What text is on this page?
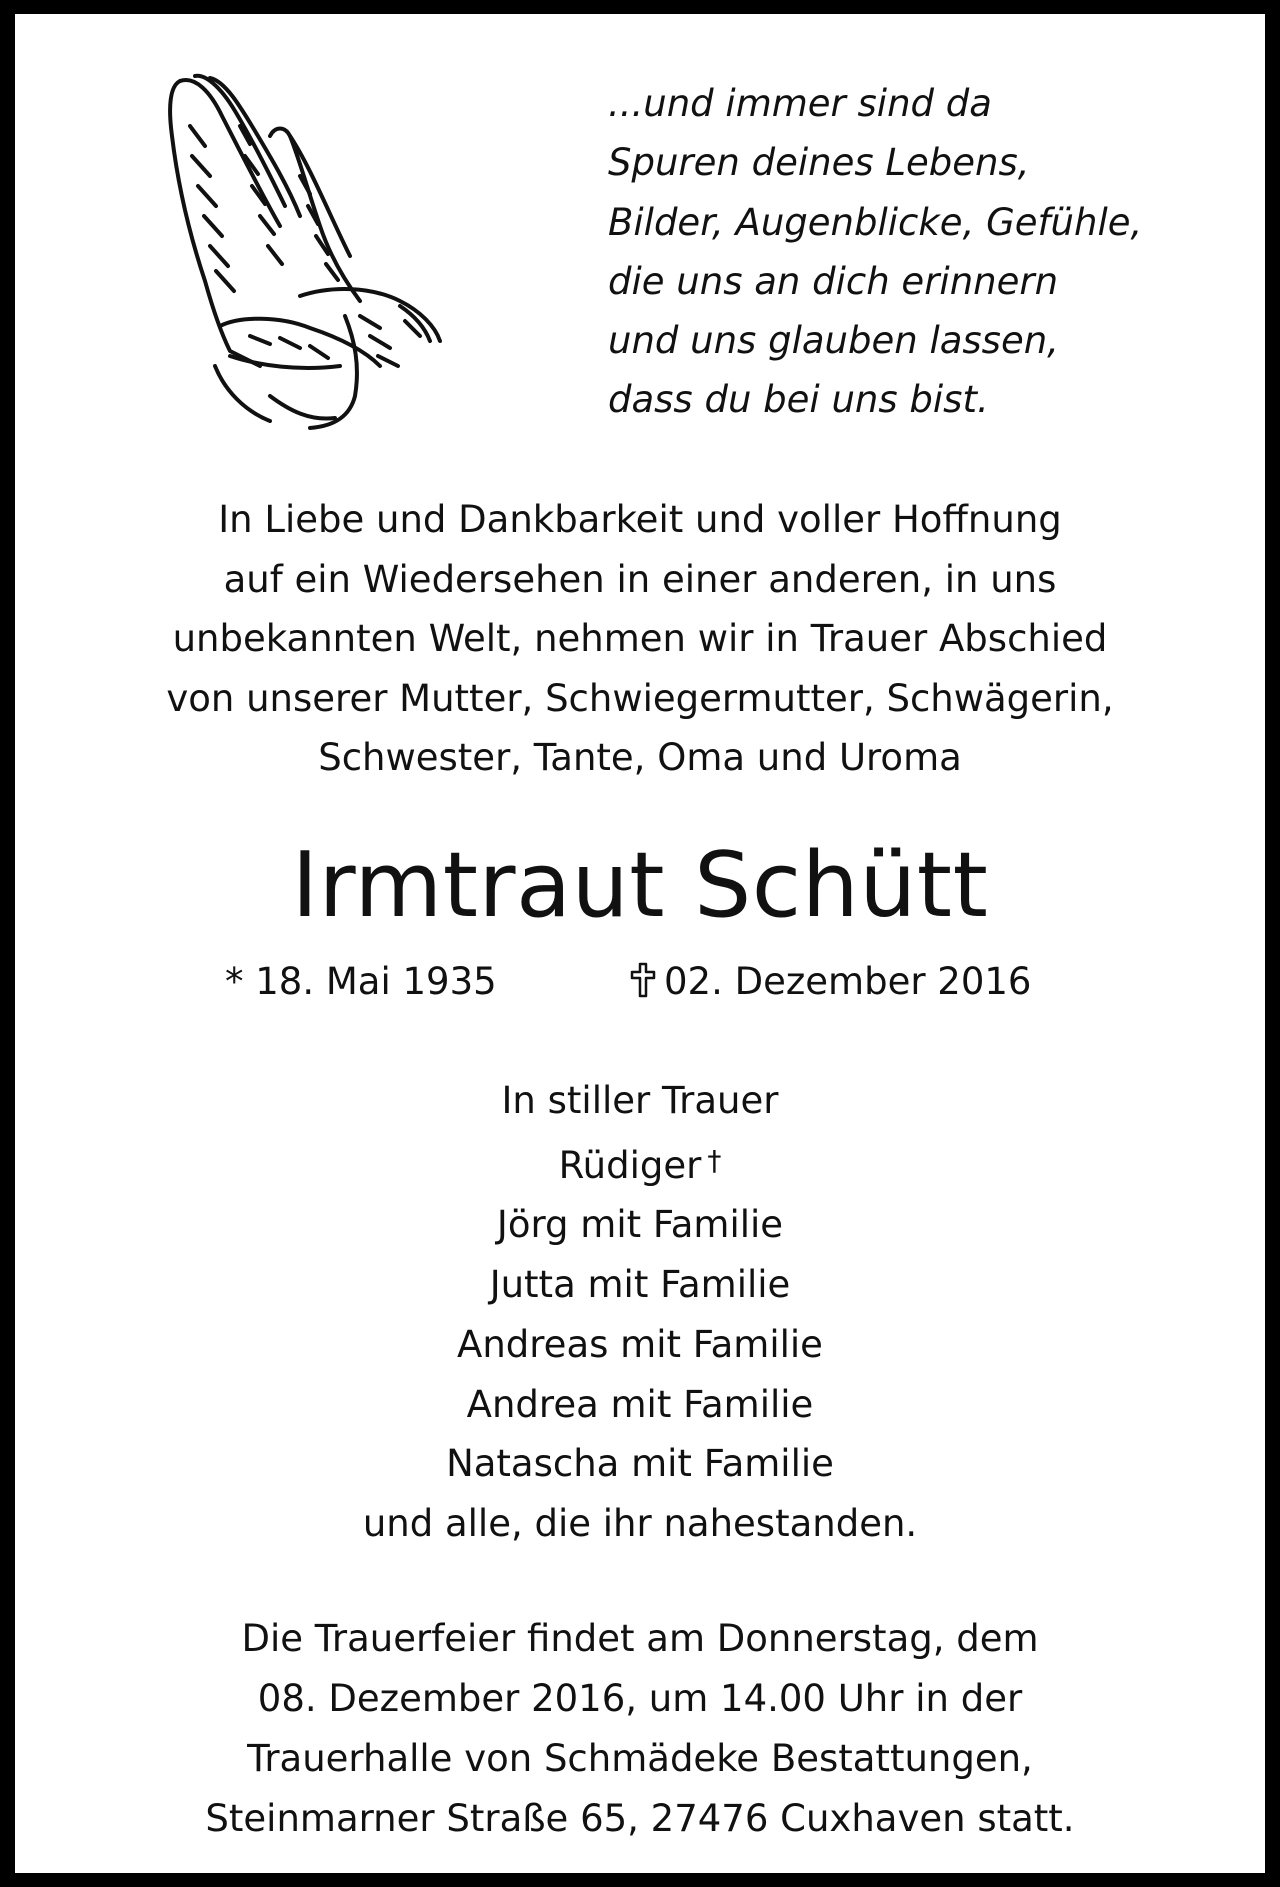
...und immer sind da
Spuren deines Lebens,
Bilder, Augenblicke, Gefühle,
die uns an dich erinnern
und uns glauben lassen,
dass du bei uns bist.
In Liebe und Dankbarkeit und voller Hoffnung
auf ein Wiedersehen in einer anderen, in uns
unbekannten Welt, nehmen wir in Trauer Abschied
von unserer Mutter, Schwiegermutter, Schwägerin,
Schwester, Tante, Oma und Uroma
Irmtraut Schütt
* 18. Mai 1935	02. Dezember 2016
In stiller Trauer
Rüdiger †
Jörg mit Familie
Jutta mit Familie
Andreas mit Familie
Andrea mit Familie
Natascha mit Familie
und alle, die ihr nahestanden.
Die Trauerfeier findet am Donnerstag, dem
08. Dezember 2016, um 14.00 Uhr in der
Trauerhalle von Schmädeke Bestattungen,
Steinmarner Straße 65, 27476 Cuxhaven statt.
